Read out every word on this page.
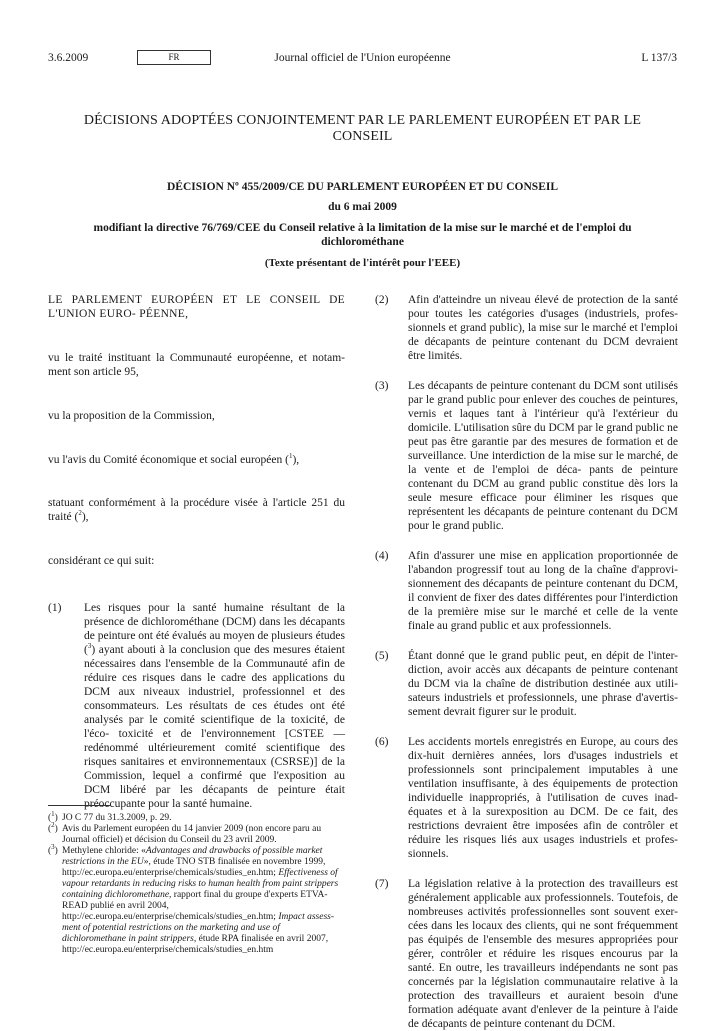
3.6.2009	FR	Journal officiel de l'Union européenne	L 137/3
DÉCISIONS ADOPTÉES CONJOINTEMENT PAR LE PARLEMENT EUROPÉEN ET PAR LE CONSEIL
DÉCISION Nº 455/2009/CE DU PARLEMENT EUROPÉEN ET DU CONSEIL
du 6 mai 2009
modifiant la directive 76/769/CEE du Conseil relative à la limitation de la mise sur le marché et de l'emploi du dichlorométhane
(Texte présentant de l'intérêt pour l'EEE)

LE PARLEMENT EUROPÉEN ET LE CONSEIL DE L'UNION EURO- PÉENNE,

vu le traité instituant la Communauté européenne, et notam- ment son article 95,

vu la proposition de la Commission,

vu l'avis du Comité économique et social européen ($^1$),

statuant conformément à la procédure visée à l'article 251 du traité ($^2$),

considérant ce qui suit:

(1) Les risques pour la santé humaine résultant de la présence de dichlorométhane (DCM) dans les décapants de peinture ont été évalués au moyen de plusieurs études ($^3$) ayant abouti à la conclusion que des mesures étaient nécessaires dans l'ensemble de la Communauté afin de réduire ces risques dans le cadre des applications du DCM aux niveaux industriel, professionnel et des consommateurs. Les résultats de ces études ont été analysés par le comité scientifique de la toxicité, de l'éco- toxicité et de l'environnement [CSTEE — redénommé ultérieurement comité scientifique des risques sanitaires et environnementaux (CSRSE)] de la Commission, lequel a confirmé que l'exposition au DCM libéré par les décapants de peinture était préoccupante pour la santé humaine.

($^1$) JO C 77 du 31.3.2009, p. 29.

($^2$) Avis du Parlement européen du 14 janvier 2009 (non encore paru au Journal officiel) et décision du Conseil du 23 avril 2009.

($^3$) Methylene chloride: «Advantages and drawbacks of possible market restrictions in the EU», étude TNO STB finalisée en novembre 1999, http://ec.europa.eu/enterprise/chemicals/studies_en.htm; Effectiveness of vapour retardants in reducing risks to human health from paint strippers containing dichloromethane, rapport final du groupe d'experts ETVA- READ publié en avril 2004, http://ec.europa.eu/enterprise/chemicals/studies_en.htm; Impact assess- ment of potential restrictions on the marketing and use of dichloromethane in paint strippers, étude RPA finalisée en avril 2007, http://ec.europa.eu/enterprise/chemicals/studies_en.htm

(2) Afin d'atteindre un niveau élevé de protection de la santé pour toutes les catégories d'usages (industriels, profes- sionnels et grand public), la mise sur le marché et l'emploi de décapants de peinture contenant du DCM devraient être limités.

(3) Les décapants de peinture contenant du DCM sont utilisés par le grand public pour enlever des couches de peintures, vernis et laques tant à l'intérieur qu'à l'extérieur du domicile. L'utilisation sûre du DCM par le grand public ne peut pas être garantie par des mesures de formation et de surveillance. Une interdiction de la mise sur le marché, de la vente et de l'emploi de déca- pants de peinture contenant du DCM au grand public constitue dès lors la seule mesure efficace pour éliminer les risques que représentent les décapants de peinture contenant du DCM pour le grand public.

(4) Afin d'assurer une mise en application proportionnée de l'abandon progressif tout au long de la chaîne d'approvi- sionnement des décapants de peinture contenant du DCM, il convient de fixer des dates différentes pour l'interdiction de la première mise sur le marché et celle de la vente finale au grand public et aux professionnels.

(5) Étant donné que le grand public peut, en dépit de l'inter- diction, avoir accès aux décapants de peinture contenant du DCM via la chaîne de distribution destinée aux utili- sateurs industriels et professionnels, une phrase d'avertis- sement devrait figurer sur le produit.

(6) Les accidents mortels enregistrés en Europe, au cours des dix-huit dernières années, lors d'usages industriels et professionnels sont principalement imputables à une ventilation insuffisante, à des équipements de protection individuelle inappropriés, à l'utilisation de cuves inad- équates et à la surexposition au DCM. De ce fait, des restrictions devraient être imposées afin de contrôler et réduire les risques liés aux usages industriels et profes- sionnels.

(7) La législation relative à la protection des travailleurs est généralement applicable aux professionnels. Toutefois, de nombreuses activités professionnelles sont souvent exer- cées dans les locaux des clients, qui ne sont fréquemment pas équipés de l'ensemble des mesures appropriées pour gérer, contrôler et réduire les risques encourus par la santé. En outre, les travailleurs indépendants ne sont pas concernés par la législation communautaire relative à la protection des travailleurs et auraient besoin d'une formation adéquate avant d'enlever de la peinture à l'aide de décapants de peinture contenant du DCM.
